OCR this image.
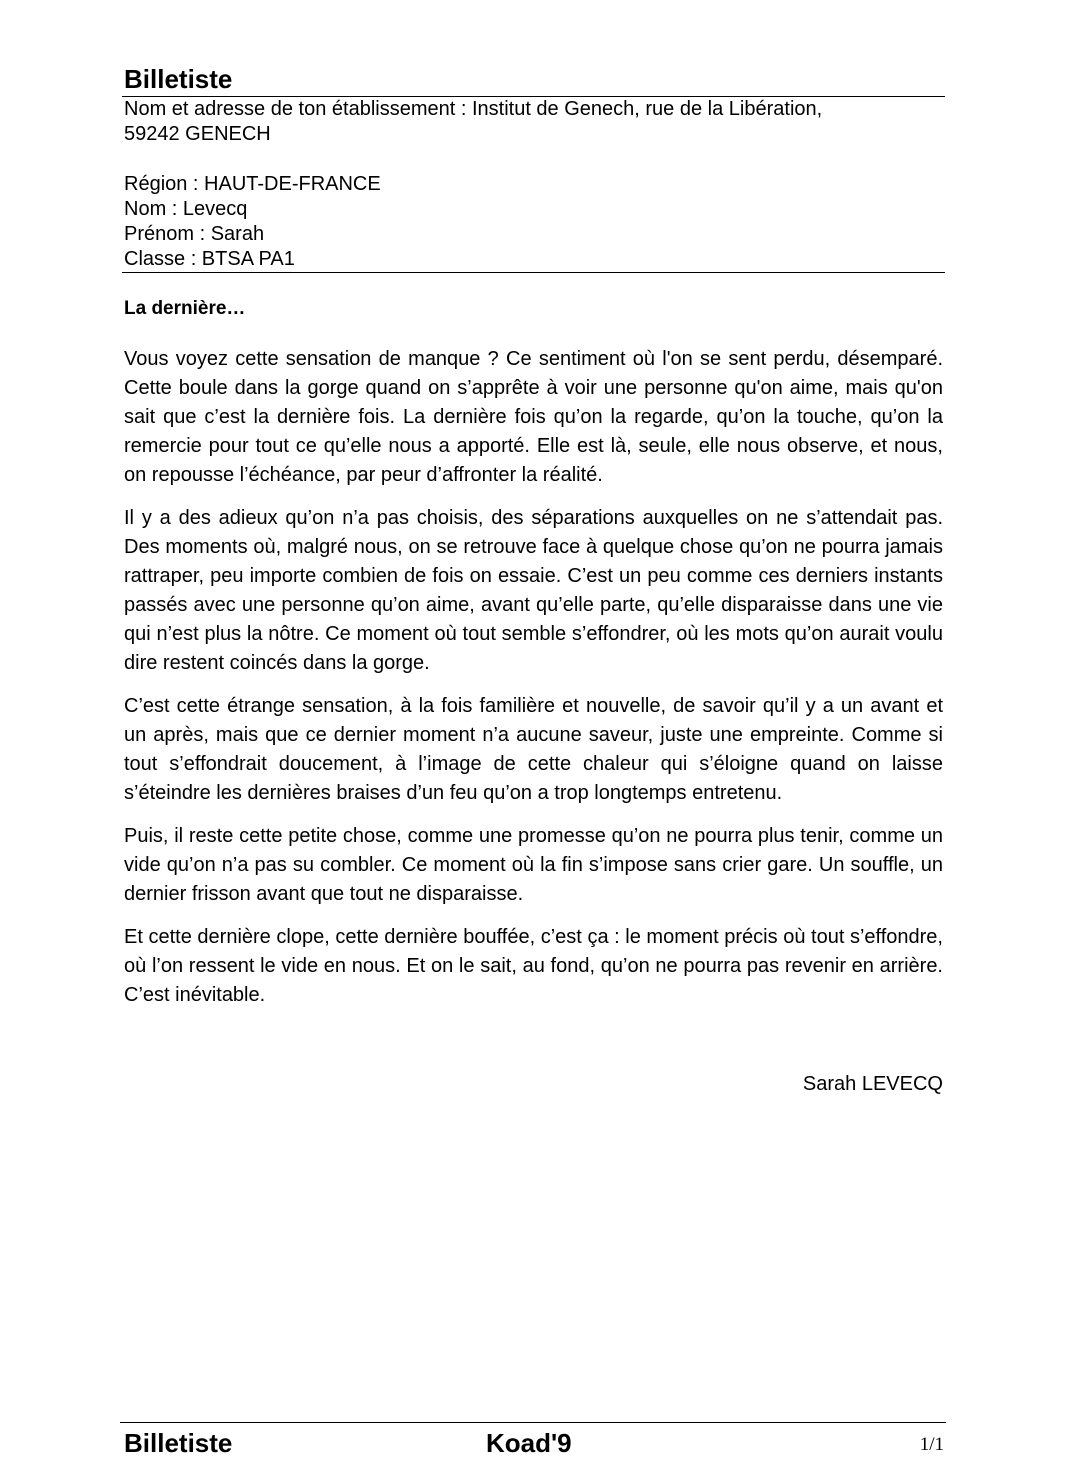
Billetiste
Nom et adresse de ton établissement : Institut de Genech, rue de la Libération,
59242 GENECH
Région : HAUT-DE-FRANCE
Nom : Levecq
Prénom : Sarah
Classe : BTSA PA1
La dernière…

Vous voyez cette sensation de manque ? Ce sentiment où l'on se sent perdu, désemparé. Cette boule dans la gorge quand on s’apprête à voir une personne qu'on aime, mais qu'on sait que c’est la dernière fois. La dernière fois qu’on la regarde, qu’on la touche, qu’on la remercie pour tout ce qu’elle nous a apporté. Elle est là, seule, elle nous observe, et nous, on repousse l’échéance, par peur d’affronter la réalité.

Il y a des adieux qu’on n’a pas choisis, des séparations auxquelles on ne s’attendait pas. Des moments où, malgré nous, on se retrouve face à quelque chose qu’on ne pourra jamais rattraper, peu importe combien de fois on essaie. C’est un peu comme ces derniers instants passés avec une personne qu’on aime, avant qu’elle parte, qu’elle disparaisse dans une vie qui n’est plus la nôtre. Ce moment où tout semble s’effondrer, où les mots qu’on aurait voulu dire restent coincés dans la gorge.

C’est cette étrange sensation, à la fois familière et nouvelle, de savoir qu’il y a un avant et un après, mais que ce dernier moment n’a aucune saveur, juste une empreinte. Comme si tout s’effondrait doucement, à l’image de cette chaleur qui s’éloigne quand on laisse s’éteindre les dernières braises d’un feu qu’on a trop longtemps entretenu.

Puis, il reste cette petite chose, comme une promesse qu’on ne pourra plus tenir, comme un vide qu’on n’a pas su combler. Ce moment où la fin s’impose sans crier gare. Un souffle, un dernier frisson avant que tout ne disparaisse.

Et cette dernière clope, cette dernière bouffée, c’est ça : le moment précis où tout s’effondre, où l’on ressent le vide en nous. Et on le sait, au fond, qu’on ne pourra pas revenir en arrière. C’est inévitable.

Sarah LEVECQ
Billetiste	Koad'9	1/1
